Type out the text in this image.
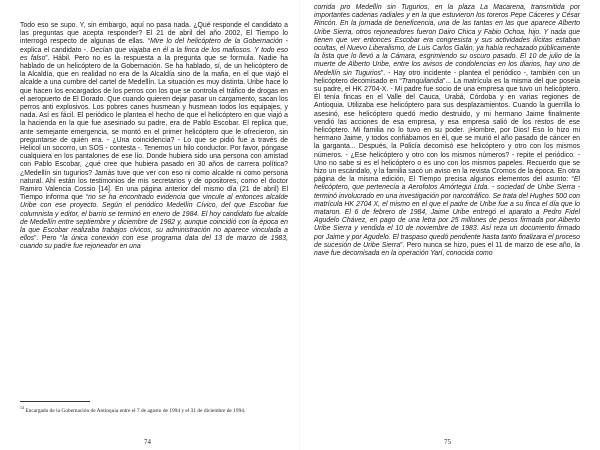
Todo eso se supo. Y, sin embargo, aquí no pasa nada. ¿Qué responde el candidato a las preguntas que acepta responder? El 21 de abril del año 2002, El Tiempo lo interrogó respecto de algunas de ellas. “Mire lo del helicóptero de la Gobernación - explica el candidato -. Decían que viajaba en él a la finca de los mafiosos. Y todo eso es falso”. Hábil. Pero no es la respuesta a la pregunta que se formula. Nadie ha hablado de un helicóptero de la Gobernación. Se ha hablado, sí, de un helicóptero de la Alcaldía, que en realidad no era de la Alcaldía sino de la mafia, en el que viajó el alcalde a una cumbre del cartel de Medellín. La situación es muy distinta. Uribe hace lo que hacen los encargados de los perros con los que se controla el tráfico de drogas en el aeropuerto de El Dorado. Que cuando quieren dejar pasar un cargamento, sacan los perros anti explosivos. Los pobres canes husmean y husmean todos los equipajes, y nada. Así es fácil. El periódico le plantea el hecho de que el helicóptero en que viajó a la hacienda en la que fue asesinado su padre, era de Pablo Escobar. El replica que, ante semejante emergencia, se montó en el primer helicóptero que le ofrecieron, sin preguntarse de quién era. - ¿Una coincidencia? - Lo que se pidió fue a través de Helicol un socorro, un SOS - contesta -. Tenemos un hilo conductor. Por favor, póngase cualquiera en los pantalones de ese lío. Donde hubiera sido una persona con amistad con Pablo Escobar, ¿qué cree que hubiera pasado en 30 años de carrera política? ¿Medellín sin tugurios? Jamás tuve que ver con eso ni como alcalde ni como persona natural. Ahí están los testimonios de mis secretarios y de opositores, como el doctor Ramiro Valencia Cossio [14]. En una página anterior del mismo día (21 de abril) El Tiempo informa que “no se ha encontrado evidencia que vincule al entonces alcalde Uribe con ese proyecto. Según el periódico Medellín Cívico, del que Escobar fue columnista y editor, el barrio se terminó en enero de 1984. El hoy candidato fue alcalde de Medellín entre septiembre y diciembre de 1982 y, aunque coincidió con la época en la que Escobar realizaba trabajos cívicos, su administración no aparece vinculada a ellos”. Pero “la única conexión con ese programa data del 13 de marzo de 1983, cuando su padre fue rejoneador en una

$^{14}$ Encargado de la Gobernación de Antioquia entre el 7 de agosto de 1994 y el 31 de diciembre de 1994.
74

corrida pro Medellín sin Tugurios, en la plaza La Macarena, transmitida por importantes cadenas radiales y en la que estuvieron los toreros Pepe Cáceres y César Rincón. En la jornada de beneficencia, una de las tantas en las que aparece Alberto Uribe Sierra, otros rejoneadores fueron Dairo Chica y Fabio Ochoa, hijo. Y nada que tienen que ver entonces Escobar era congresista y sus actividades ilícitas estaban ocultas, el Nuevo Liberalismo, de Luis Carlos Galán, ya había rechazado públicamente la lista que lo llevó a la Cámara, esgrimiendo su oscuro pasado. El 10 de julio de la muerte de Alberto Uribe, entre los avisos de condolencias en los diarios, hay uno de Medellín sin Tugurios”. - Hay otro incidente - plantea el periódico -, también con un helicóptero decomisado en “Tranquilandia”... La matrícula es la misma del que poseía su padre, el HK 2704-X. - Mi padre fue socio de una empresa que tuvo un helicóptero. Él tenía fincas en el Valle del Cauca, Urabá, Córdoba y en varias regiones de Antioquia. Utilizaba ese helicóptero para sus desplazamientos. Cuando la guerrilla lo asesinó, ese helicóptero quedó medio destruido, y mi hermano Jaime finalmente vendió las acciones de esa empresa, y esa empresa salió de los restos de ese helicóptero. Mi familia no lo tuvo en su poder. ¡Hombre, por Dios! Eso lo hizo mi hermano Jaime, y todos confiábamos en él, que se murió el año pasado de cáncer en la garganta... Después, la Policía decomisó ese helicóptero y otro con los mismos números. - ¿Ese helicóptero y otro con los mismos números? - repite el periódico. - Uno no sabe si es el helicóptero o es uno con los mismos papeles. Recuerdo que se hizo un escándalo, y la familia sacó un aviso en la revista Cromos de la época. En otra página de la misma edición, El Tiempo precisa algunos elementos del asunto: “El helicóptero, que pertenecía a Aerofotos Amórtegui Ltda. - sociedad de Uribe Sierra - terminó involucrado en una investigación por narcotráfico. Se trata del Hughes 500 con matrícula HK 2704 X, el mismo en el que el padre de Uribe fue a su finca el día que lo mataron. El 6 de febrero de 1984, Jaime Uribe entregó el aparato a Pedro Fidel Agudelo Chávez, en pago de una letra por 25 millones de pesos firmada por Alberto Uribe Sierra y vendida el 10 de noviembre de 1983. Así reza un documento firmado por Jaime y por Agudelo. El traspaso quedó pendiente hasta tanto finalizara el proceso de sucesión de Uribe Sierra”. Pero nunca se hizo, pues el 11 de marzo de ese año, la nave fue decomisada en la operación Yarí, conocida como

75
